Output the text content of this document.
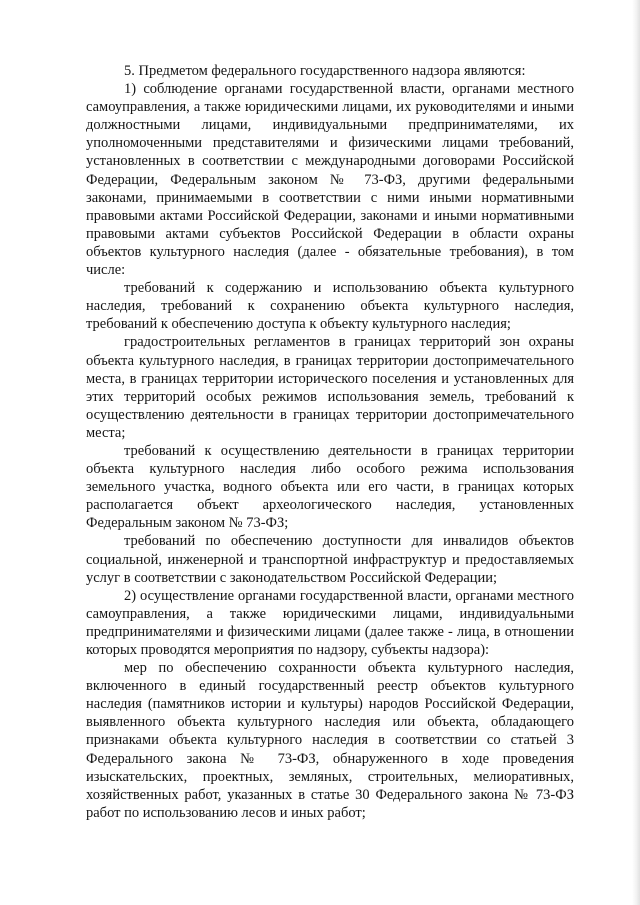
5. Предметом федерального государственного надзора являются:

1) соблюдение органами государственной власти, органами местного самоуправления, а также юридическими лицами, их руководителями и иными должностными лицами, индивидуальными предпринимателями, их уполномоченными представителями и физическими лицами требований, установленных в соответствии с международными договорами Российской Федерации, Федеральным законом № 73-ФЗ, другими федеральными законами, принимаемыми в соответствии с ними иными нормативными правовыми актами Российской Федерации, законами и иными нормативными правовыми актами субъектов Российской Федерации в области охраны объектов культурного наследия (далее - обязательные требования), в том числе:

требований к содержанию и использованию объекта культурного наследия, требований к сохранению объекта культурного наследия, требований к обеспечению доступа к объекту культурного наследия;

градостроительных регламентов в границах территорий зон охраны объекта культурного наследия, в границах территории достопримечательного места, в границах территории исторического поселения и установленных для этих территорий особых режимов использования земель, требований к осуществлению деятельности в границах территории достопримечательного места;

требований к осуществлению деятельности в границах территории объекта культурного наследия либо особого режима использования земельного участка, водного объекта или его части, в границах которых располагается объект археологического наследия, установленных Федеральным законом № 73-ФЗ;

требований по обеспечению доступности для инвалидов объектов социальной, инженерной и транспортной инфраструктур и предоставляемых услуг в соответствии с законодательством Российской Федерации;

2) осуществление органами государственной власти, органами местного самоуправления, а также юридическими лицами, индивидуальными предпринимателями и физическими лицами (далее также - лица, в отношении которых проводятся мероприятия по надзору, субъекты надзора):

мер по обеспечению сохранности объекта культурного наследия, включенного в единый государственный реестр объектов культурного наследия (памятников истории и культуры) народов Российской Федерации, выявленного объекта культурного наследия или объекта, обладающего признаками объекта культурного наследия в соответствии со статьей 3 Федерального закона № 73-ФЗ, обнаруженного в ходе проведения изыскательских, проектных, земляных, строительных, мелиоративных, хозяйственных работ, указанных в статье 30 Федерального закона № 73-ФЗ работ по использованию лесов и иных работ;
